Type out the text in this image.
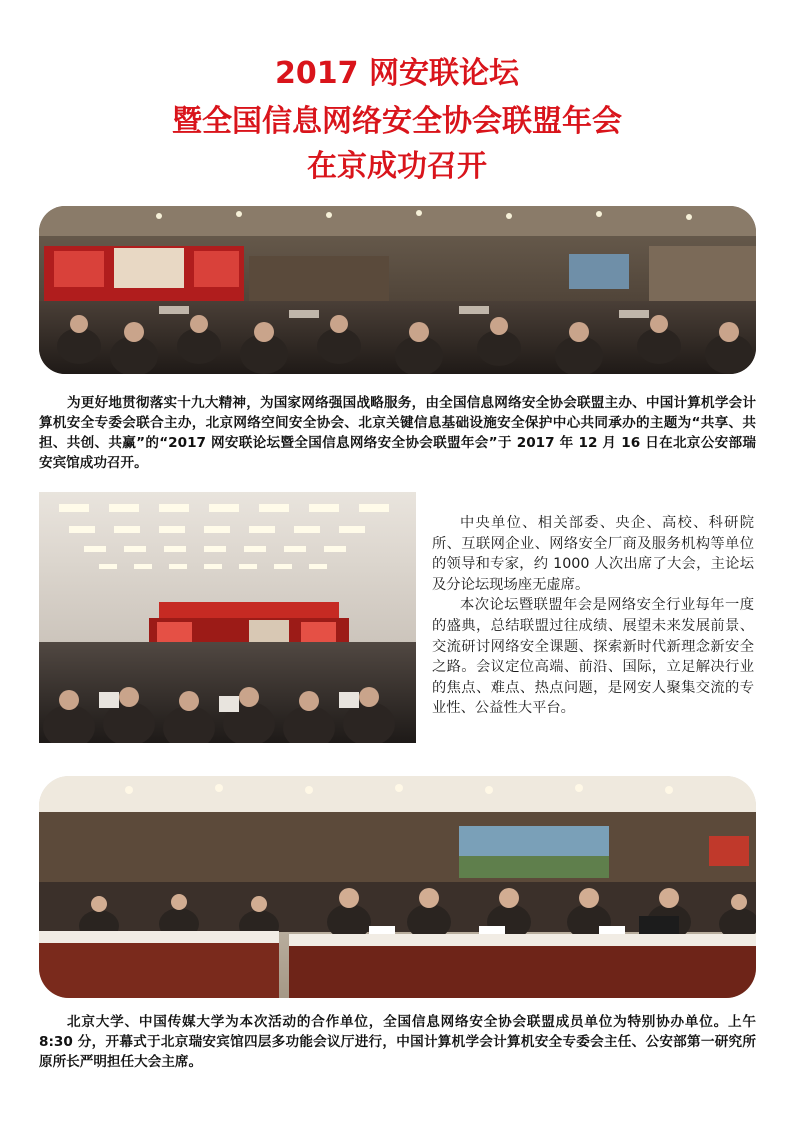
2017 网安联论坛
暨全国信息网络安全协会联盟年会
在京成功召开

为更好地贯彻落实十九大精神，为国家网络强国战略服务，由全国信息网络安全协会联盟主办、中国计算机学会计算机安全专委会联合主办，北京网络空间安全协会、北京关键信息基础设施安全保护中心共同承办的主题为“共享、共担、共创、共赢”的“2017 网安联论坛暨全国信息网络安全协会联盟年会”于 2017 年 12 月 16 日在北京公安部瑞安宾馆成功召开。

中央单位、相关部委、央企、高校、科研院所、互联网企业、网络安全厂商及服务机构等单位的领导和专家，约 1000 人次出席了大会，主论坛及分论坛现场座无虚席。

本次论坛暨联盟年会是网络安全行业每年一度的盛典，总结联盟过往成绩、展望未来发展前景、交流研讨网络安全课题、探索新时代新理念新安全之路。会议定位高端、前沿、国际，立足解决行业的焦点、难点、热点问题，是网安人聚集交流的专业性、公益性大平台。

北京大学、中国传媒大学为本次活动的合作单位，全国信息网络安全协会联盟成员单位为特别协办单位。上午 8:30 分，开幕式于北京瑞安宾馆四层多功能会议厅进行，中国计算机学会计算机安全专委会主任、公安部第一研究所原所长严明担任大会主席。
